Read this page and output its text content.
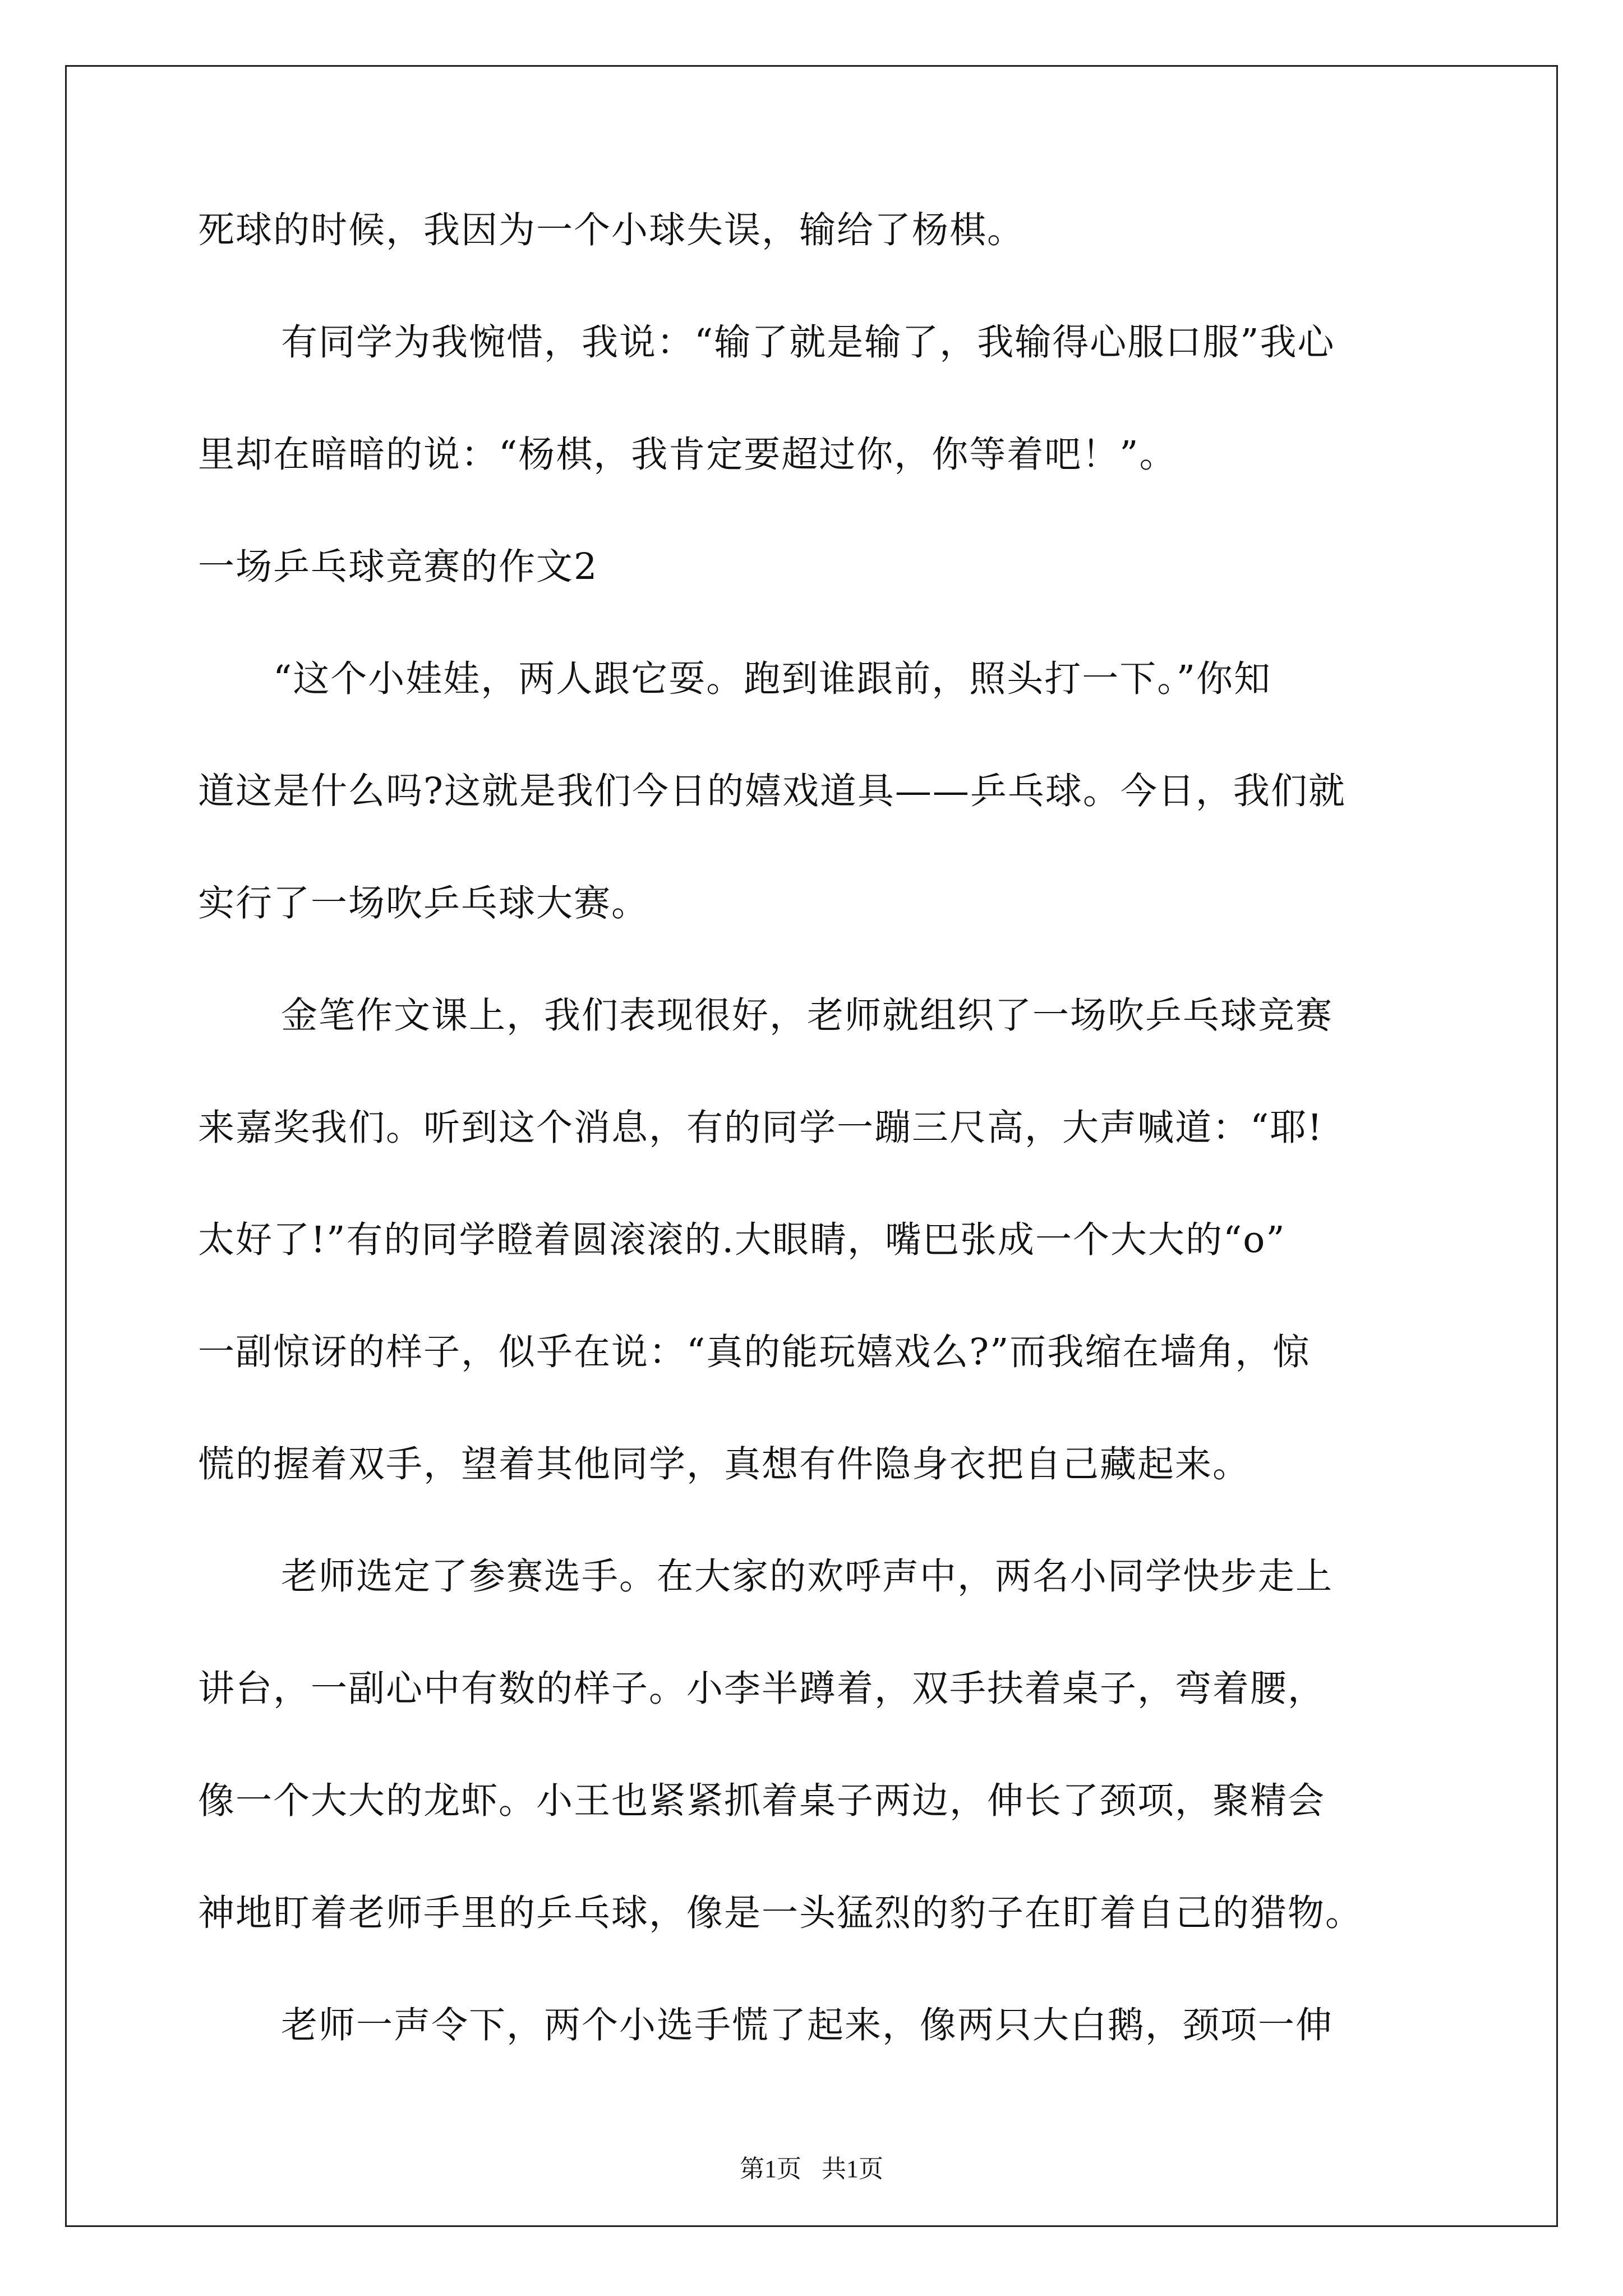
死球的时候，我因为一个小球失误，输给了杨棋。
有同学为我惋惜，我说：“输了就是输了，我输得心服口服”我心
里却在暗暗的说：“杨棋，我肯定要超过你，你等着吧！”。
一场乒乓球竞赛的作文2
“这个小娃娃，两人跟它耍。跑到谁跟前，照头打一下。”你知
道这是什么吗?这就是我们今日的嬉戏道具——乒乓球。今日，我们就
实行了一场吹乒乓球大赛。
金笔作文课上，我们表现很好，老师就组织了一场吹乒乓球竞赛
来嘉奖我们。听到这个消息，有的同学一蹦三尺高，大声喊道：“耶!
太好了!”有的同学瞪着圆滚滚的.大眼睛，嘴巴张成一个大大的“o”
一副惊讶的样子，似乎在说：“真的能玩嬉戏么?”而我缩在墙角，惊
慌的握着双手，望着其他同学，真想有件隐身衣把自己藏起来。
老师选定了参赛选手。在大家的欢呼声中，两名小同学快步走上
讲台，一副心中有数的样子。小李半蹲着，双手扶着桌子，弯着腰，
像一个大大的龙虾。小王也紧紧抓着桌子两边，伸长了颈项，聚精会
神地盯着老师手里的乒乓球，像是一头猛烈的豹子在盯着自己的猎物。
老师一声令下，两个小选手慌了起来，像两只大白鹅，颈项一伸
第1页 共1页
